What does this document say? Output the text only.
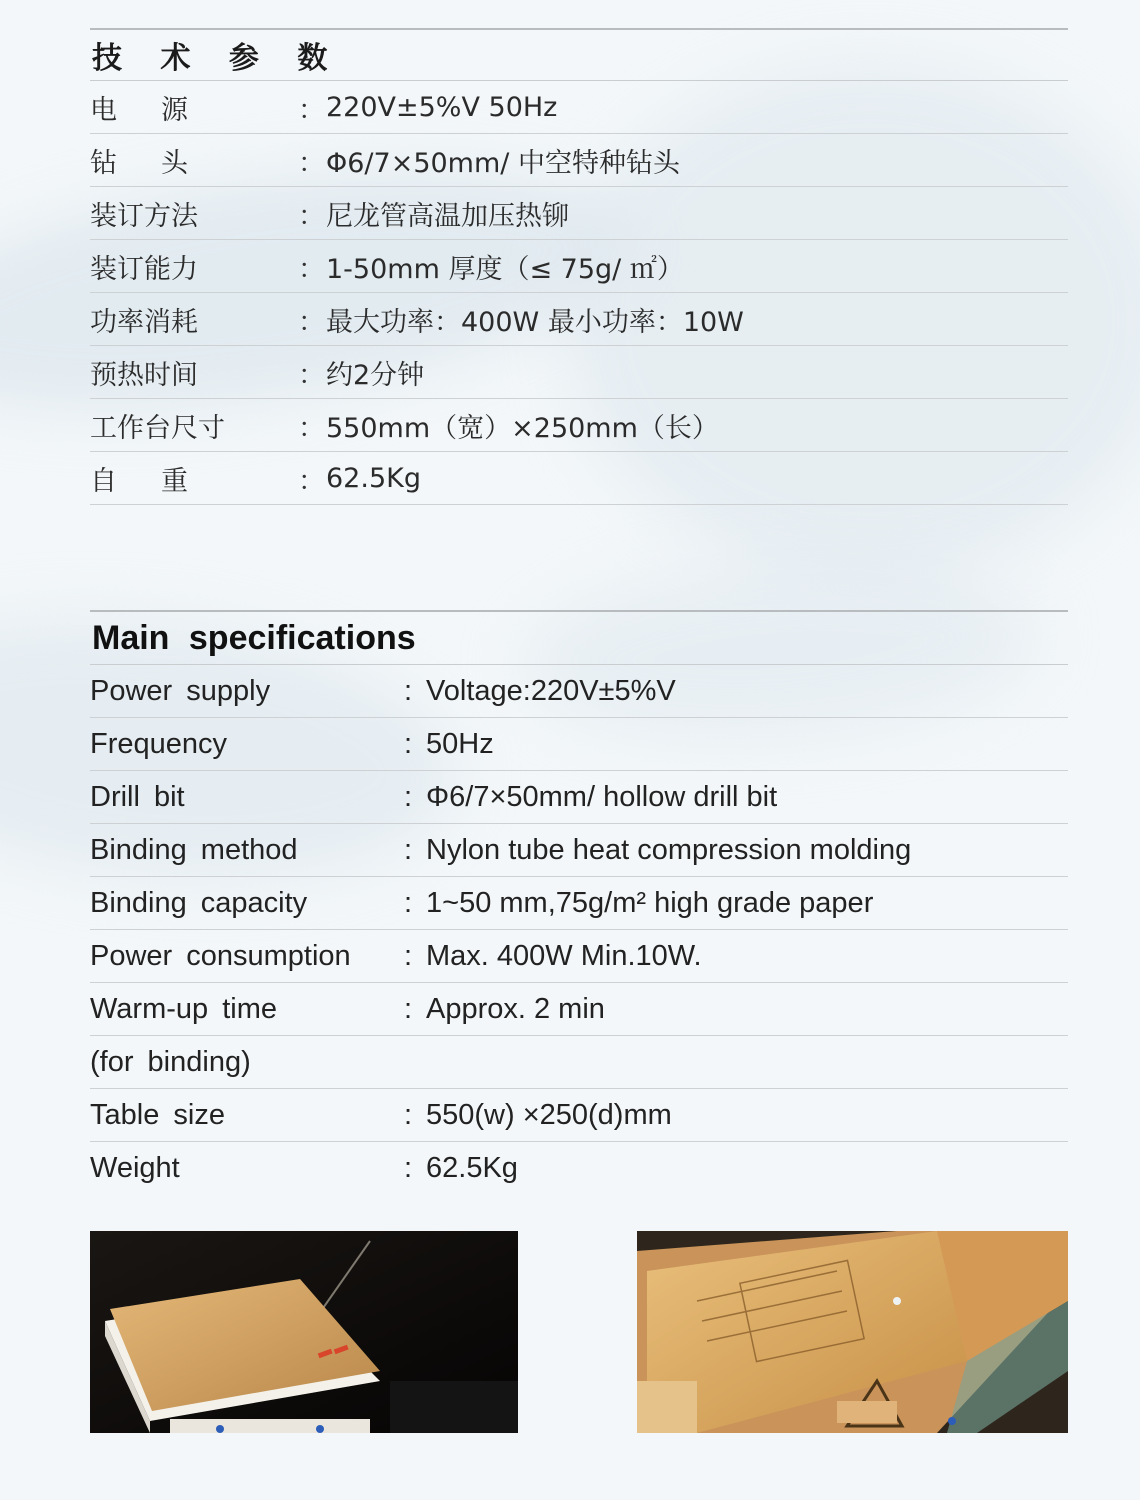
技 术 参 数
电源	： 220V±5%V 50Hz
钻头	： Φ6/7×50mm/ 中空特种钻头
装订方法	： 尼龙管高温加压热铆
装订能力	： 1-50mm 厚度（≤ 75g/ ㎡）
功率消耗	： 最大功率：400W 最小功率：10W
预热时间	： 约2分钟
工作台尺寸	： 550mm（宽）×250mm（长）
自重	： 62.5Kg
Main specifications
Power supply	: Voltage:220V±5%V
Frequency	: 50Hz
Drill bit	: Φ6/7×50mm/ hollow drill bit
Binding method	: Nylon tube heat compression molding
Binding capacity	: 1~50 mm,75g/m² high grade paper
Power consumption	: Max. 400W Min.10W.
Warm-up time	: Approx. 2 min
(for binding)
Table size	: 550(w) ×250(d)mm
Weight	: 62.5Kg
